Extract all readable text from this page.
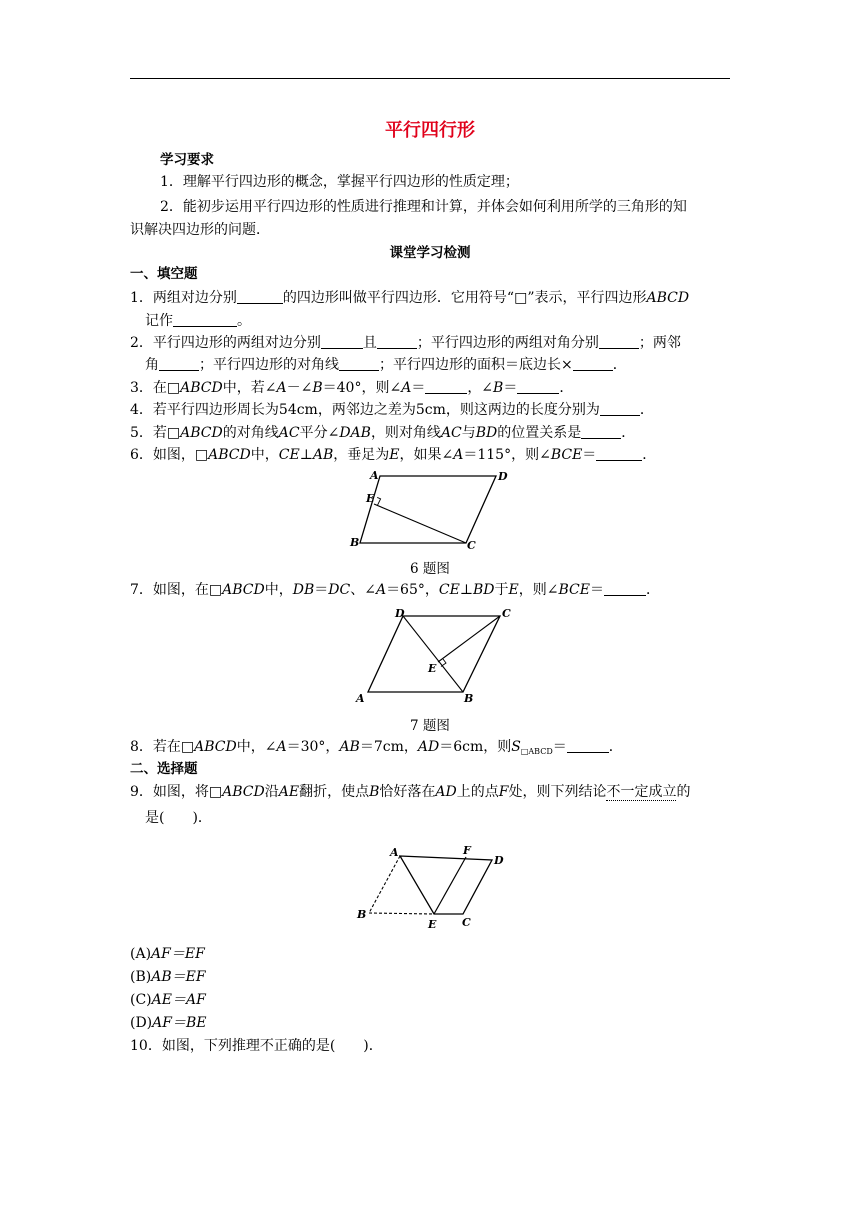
平行四行形
学习要求
1．理解平行四边形的概念，掌握平行四边形的性质定理；
2．能初步运用平行四边形的性质进行推理和计算，并体会如何利用所学的三角形的知
识解决四边形的问题．
课堂学习检测
一、填空题
1．两组对边分别	的四边形叫做平行四边形．它用符号“□”表示，平行四边形ABCD
记作	。
2．平行四边形的两组对边分别	且	；平行四边形的两组对角分别	；两邻
角	；平行四边形的对角线	；平行四边形的面积＝底边长×	．
3．在□ABCD中，若∠A－∠B＝40°，则∠A＝	，∠B＝	．
4．若平行四边形周长为54cm，两邻边之差为5cm，则这两边的长度分别为	．
5．若□ABCD的对角线AC平分∠DAB，则对角线AC与BD的位置关系是	．
6．如图，□ABCD中，CE⊥AB，垂足为E，如果∠A＝115°，则∠BCE＝	．
A	D
E
B	C
6 题图
7．如图，在□ABCD中，DB＝DC、∠A＝65°，CE⊥BD于E，则∠BCE＝	．
D	C
E
A	B
7 题图
8．若在□ABCD中，∠A＝30°，AB＝7cm，AD＝6cm，则$S_{□ABCD}=$	．
二、选择题
9．如图，将□ABCD沿AE翻折，使点B恰好落在AD上的点F处，则下列结论不一定成立的
是(　　)．
A	F
D
B
E C
(A)AF＝EF
(B)AB＝EF
(C)AE＝AF
(D)AF＝BE
10．如图，下列推理不正确的是(　　)．
